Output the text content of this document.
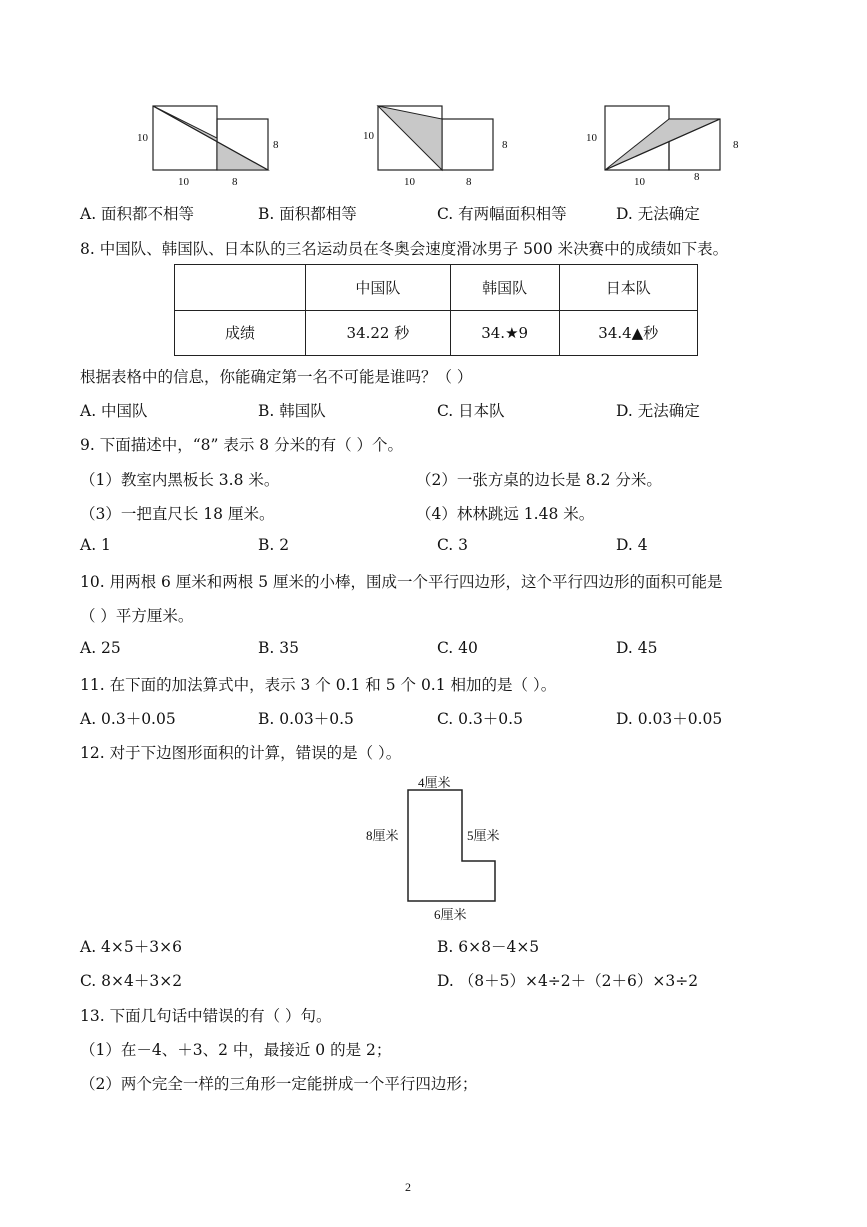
10
10	8
8
10
10	8
8
10
10	8
8
A. 面积都不相等	B. 面积都相等	C. 有两幅面积相等	D. 无法确定
8. 中国队、韩国队、日本队的三名运动员在冬奥会速度滑冰男子 500 米决赛中的成绩如下表。
	中国队	韩国队	日本队
成绩	34.22 秒	34.★9	34.4▲秒
根据表格中的信息，你能确定第一名不可能是谁吗？（ ）
A. 中国队	B. 韩国队	C. 日本队	D. 无法确定
9. 下面描述中，“8” 表示 8 分米的有（ ）个。
（1）教室内黑板长 3.8 米。	（2）一张方桌的边长是 8.2 分米。
（3）一把直尺长 18 厘米。	（4）林林跳远 1.48 米。
A. 1	B. 2	C. 3	D. 4
10. 用两根 6 厘米和两根 5 厘米的小棒，围成一个平行四边形，这个平行四边形的面积可能是
（ ）平方厘米。
A. 25	B. 35	C. 40	D. 45
11. 在下面的加法算式中，表示 3 个 0.1 和 5 个 0.1 相加的是（ ）。
A. 0.3＋0.05	B. 0.03＋0.5	C. 0.3＋0.5	D. 0.03＋0.05
12. 对于下边图形面积的计算，错误的是（ ）。
4厘米
8厘米	5厘米
6厘米
A. 4×5＋3×6	B. 6×8－4×5
C. 8×4＋3×2	D. （8＋5）×4÷2＋（2＋6）×3÷2
13. 下面几句话中错误的有（ ）句。
（1）在－4、＋3、2 中，最接近 0 的是 2；
（2）两个完全一样的三角形一定能拼成一个平行四边形；
2
